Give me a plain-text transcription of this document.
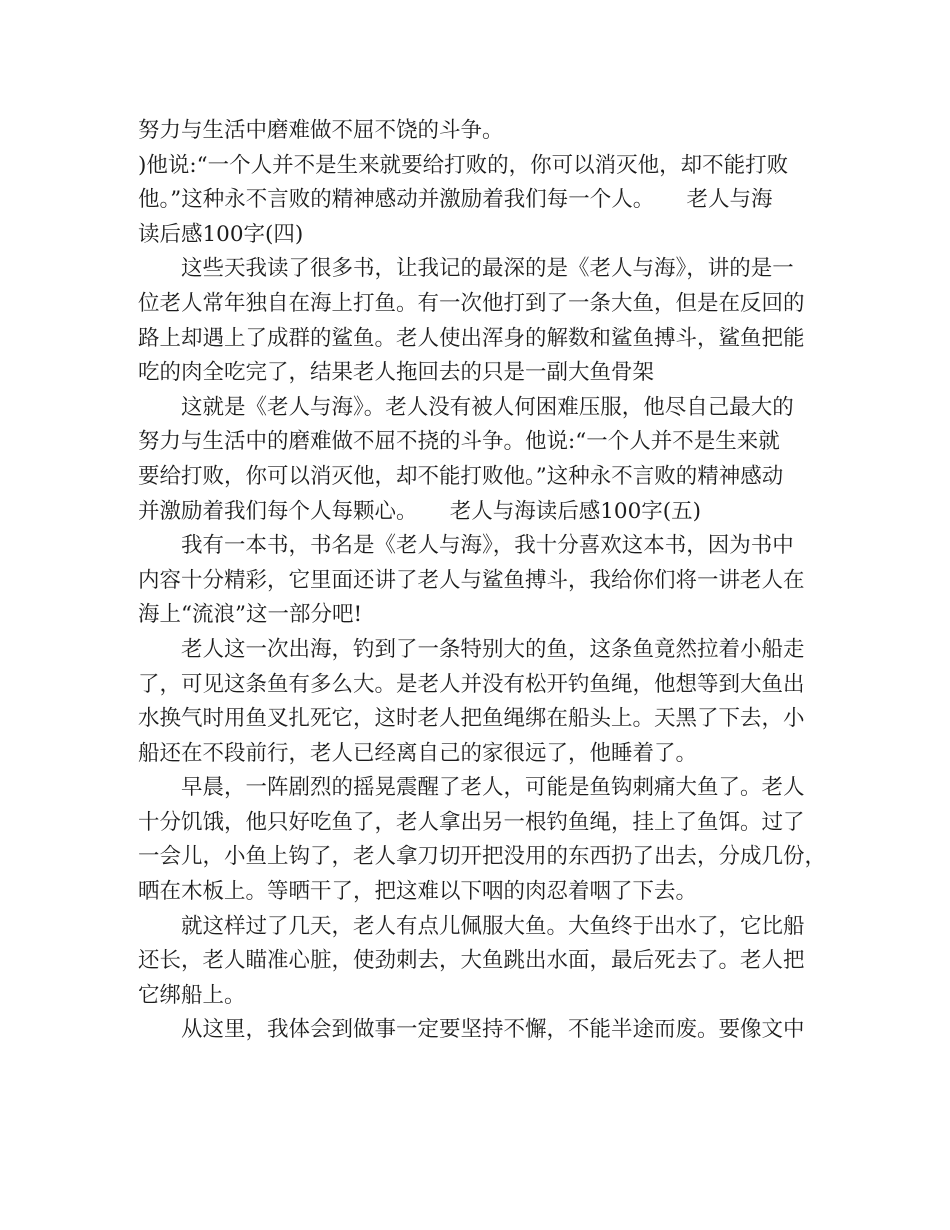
努力与生活中磨难做不屈不饶的斗争。
)他说:“一个人并不是生来就要给打败的，你可以消灭他，却不能打败
他。”这种永不言败的精神感动并激励着我们每一个人。　　老人与海
读后感100字(四)
　　这些天我读了很多书，让我记的最深的是《老人与海》，讲的是一
位老人常年独自在海上打鱼。有一次他打到了一条大鱼，但是在反回的
路上却遇上了成群的鲨鱼。老人使出浑身的解数和鲨鱼搏斗，鲨鱼把能
吃的肉全吃完了，结果老人拖回去的只是一副大鱼骨架
　　这就是《老人与海》。老人没有被人何困难压服，他尽自己最大的
努力与生活中的磨难做不屈不挠的斗争。他说:“一个人并不是生来就
要给打败，你可以消灭他，却不能打败他。”这种永不言败的精神感动
并激励着我们每个人每颗心。　　老人与海读后感100字(五)
　　我有一本书，书名是《老人与海》，我十分喜欢这本书，因为书中
内容十分精彩，它里面还讲了老人与鲨鱼搏斗，我给你们将一讲老人在
海上“流浪”这一部分吧!
　　老人这一次出海，钓到了一条特别大的鱼，这条鱼竟然拉着小船走
了，可见这条鱼有多么大。是老人并没有松开钓鱼绳，他想等到大鱼出
水换气时用鱼叉扎死它，这时老人把鱼绳绑在船头上。天黑了下去，小
船还在不段前行，老人已经离自己的家很远了，他睡着了。
　　早晨，一阵剧烈的摇晃震醒了老人，可能是鱼钩刺痛大鱼了。老人
十分饥饿，他只好吃鱼了，老人拿出另一根钓鱼绳，挂上了鱼饵。过了
一会儿，小鱼上钩了，老人拿刀切开把没用的东西扔了出去，分成几份，
晒在木板上。等晒干了，把这难以下咽的肉忍着咽了下去。
　　就这样过了几天，老人有点儿佩服大鱼。大鱼终于出水了，它比船
还长，老人瞄准心脏，使劲刺去，大鱼跳出水面，最后死去了。老人把
它绑船上。
　　从这里，我体会到做事一定要坚持不懈，不能半途而废。要像文中
